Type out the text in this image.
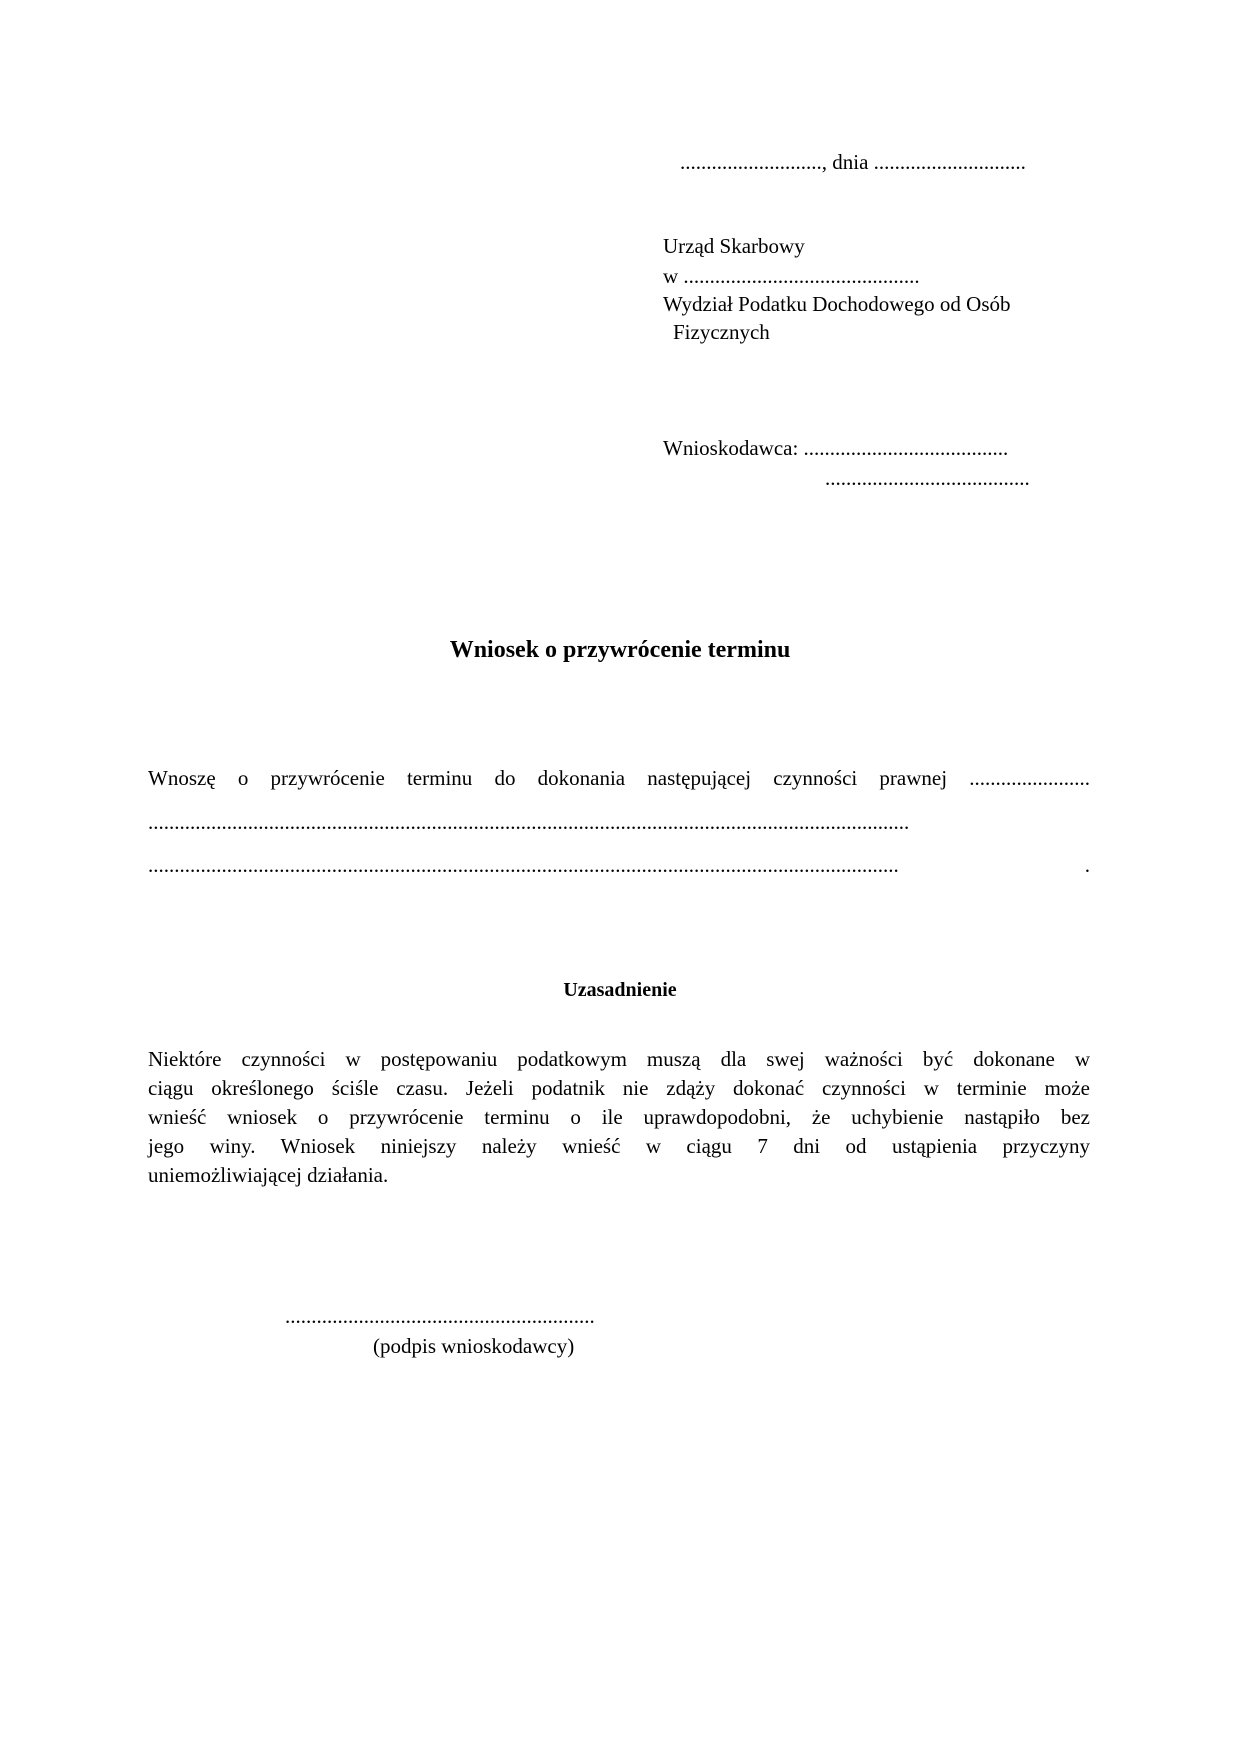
..........................., dnia .............................
Urząd Skarbowy
w .............................................
Wydział Podatku Dochodowego od Osób
Fizycznych
Wnioskodawca: .......................................
.......................................
Wniosek o przywrócenie terminu
Wnoszę o przywrócenie terminu do dokonania następującej czynności prawnej .......................
.................................................................................................................................................
............................................................................................................................................... .
Uzasadnienie
Niektóre czynności w postępowaniu podatkowym muszą dla swej ważności być dokonane w
ciągu określonego ściśle czasu. Jeżeli podatnik nie zdąży dokonać czynności w terminie może
wnieść wniosek o przywrócenie terminu o ile uprawdopodobni, że uchybienie nastąpiło bez
jego winy. Wniosek niniejszy należy wnieść w ciągu 7 dni od ustąpienia przyczyny
uniemożliwiającej działania.
...........................................................
(podpis wnioskodawcy)
